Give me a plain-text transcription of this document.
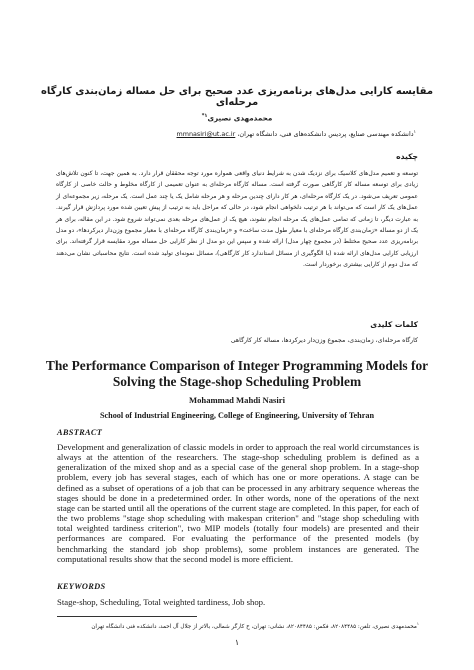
مقایسه کارایی مدل‌های برنامه‌ریزی عدد صحیح برای حل مساله زمان‌بندی کارگاه مرحله‌ای
محمدمهدی نصیری$^{۱*}$
$^۱$دانشکده مهندسی صنایع، پردیس دانشکده‌های فنی، دانشگاه تهران، mmnasiri@ut.ac.ir
چکیده
توسعه و تعمیم مدل‌های کلاسیک برای نزدیک شدن به شرایط دنیای واقعی همواره مورد توجه محققان قرار دارد. به همین جهت، تا کنون تلاش‌های زیادی برای توسعه مساله کار کارگاهی صورت گرفته است. مساله کارگاه مرحله‌ای به عنوان تعمیمی از کارگاه مخلوط و حالت خاصی از کارگاه عمومی تعریف می‌شود. در یک کارگاه مرحله‌ای، هر کار دارای چندین مرحله و هر مرحله شامل یک یا چند عمل است. یک مرحله، زیر مجموعه‌ای از عمل‌های یک کار است که می‌تواند با هر ترتیب دلخواهی انجام شود، در حالی که مراحل باید به ترتیب از پیش تعیین شده مورد پردازش قرار گیرند. به عبارت دیگر، تا زمانی که تمامی عمل‌های یک مرحله انجام نشوند، هیچ یک از عمل‌های مرحله بعدی نمی‌تواند شروع شود. در این مقاله، برای هر یک از دو مساله «زمان‌بندی کارگاه مرحله‌ای با معیار طول مدت ساخت» و «زمان‌بندی کارگاه مرحله‌ای با معیار مجموع وزن‌دار دیرکردها»، دو مدل برنامه‌ریزی عدد صحیح مختلط (در مجموع چهار مدل) ارائه شده و سپس این دو مدل از نظر کارایی حل مساله مورد مقایسه قرار گرفته‌اند. برای ارزیابی کارایی مدل‌های ارائه شده (با الگوگیری از مسائل استاندارد کار کارگاهی)، مسائل نمونه‌ای تولید شده است. نتایج محاسباتی نشان می‌دهند که مدل دوم از کارایی بیشتری برخوردار است.
کلمات کلیدی
کارگاه مرحله‌ای، زمان‌بندی، مجموع وزن‌دار دیرکردها، مساله کار کارگاهی
The Performance Comparison of Integer Programming Models for
Solving the Stage-shop Scheduling Problem
Mohammad Mahdi Nasiri
School of Industrial Engineering, College of Engineering, University of Tehran
ABSTRACT
Development and generalization of classic models in order to approach the real world circumstances is always at the attention of the researchers. The stage-shop scheduling problem is defined as a generalization of the mixed shop and as a special case of the general shop problem. In a stage-shop problem, every job has several stages, each of which has one or more operations. A stage can be defined as a subset of operations of a job that can be processed in any arbitrary sequence whereas the stages should be done in a predetermined order. In other words, none of the operations of the next stage can be started until all the operations of the current stage are completed. In this paper, for each of the two problems "stage shop scheduling with makespan criterion" and "stage shop scheduling with total weighted tardiness criterion", two MIP models (totally four models) are presented and their performances are compared. For evaluating the performance of the presented models (by benchmarking the standard job shop problems), some problem instances are generated. The computational results show that the second model is more efficient.
KEYWORDS
Stage-shop, Scheduling, Total weighted tardiness, Job shop.
$^۱$محمدمهدی نصیری، تلفن: ۸۲۰۸۴۴۸۵، فکس: ۸۲۰۸۴۴۸۵، نشانی: تهران، خ کارگر شمالی، بالاتر از جلال آل احمد، دانشکده فنی دانشگاه تهران
۱
